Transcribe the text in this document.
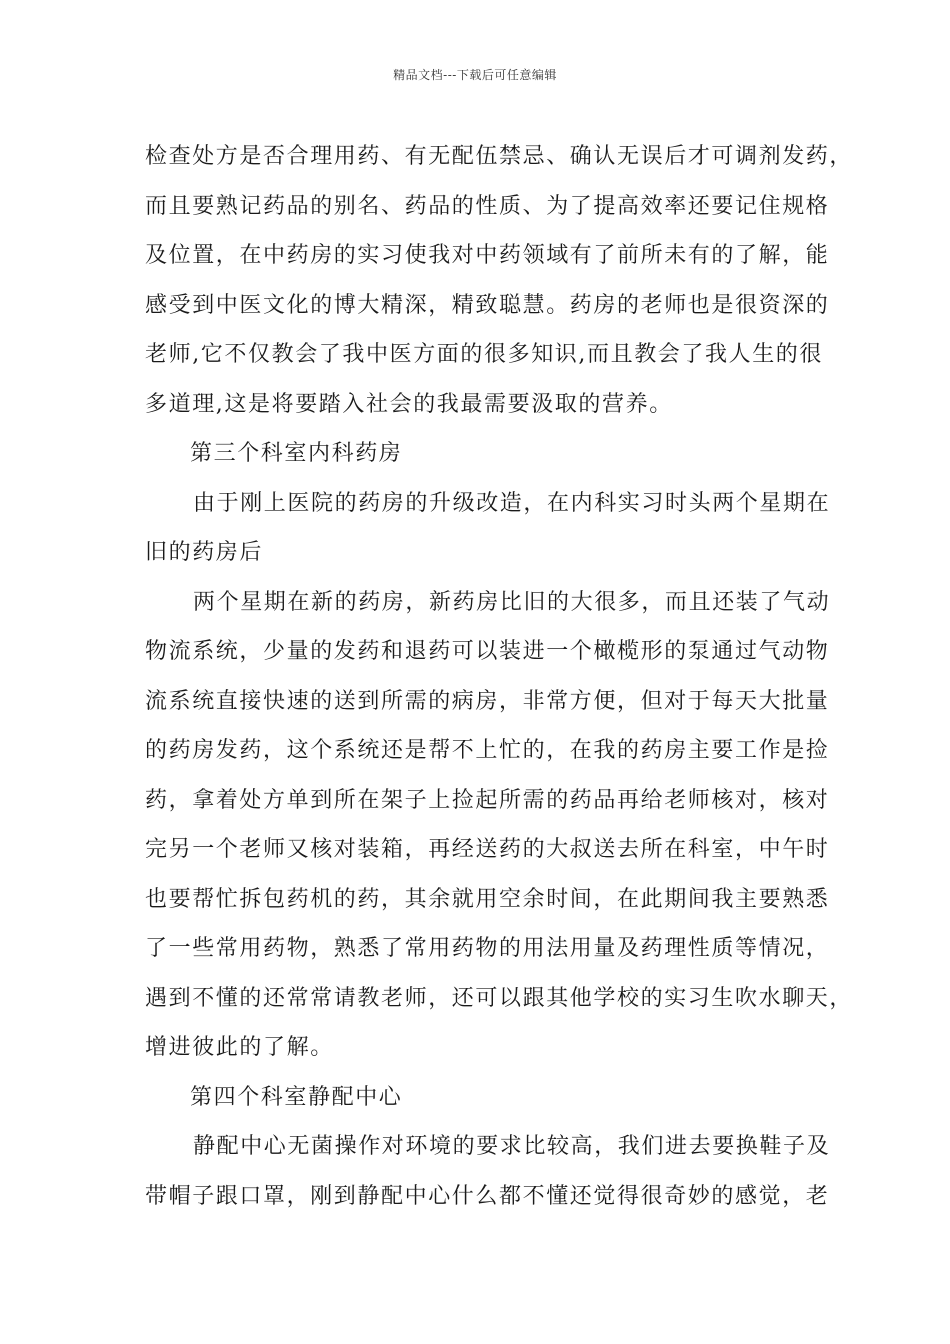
精品文档---下载后可任意编辑
检查处方是否合理用药、有无配伍禁忌、确认无误后才可调剂发药，
而且要熟记药品的别名、药品的性质、为了提高效率还要记住规格
及位置，在中药房的实习使我对中药领域有了前所未有的了解，能
感受到中医文化的博大精深，精致聪慧。药房的老师也是很资深的
老师,它不仅教会了我中医方面的很多知识,而且教会了我人生的很
多道理,这是将要踏入社会的我最需要汲取的营养。
第三个科室内科药房
由于刚上医院的药房的升级改造，在内科实习时头两个星期在
旧的药房后
两个星期在新的药房，新药房比旧的大很多，而且还装了气动
物流系统，少量的发药和退药可以装进一个橄榄形的泵通过气动物
流系统直接快速的送到所需的病房，非常方便，但对于每天大批量
的药房发药，这个系统还是帮不上忙的，在我的药房主要工作是捡
药，拿着处方单到所在架子上捡起所需的药品再给老师核对，核对
完另一个老师又核对装箱，再经送药的大叔送去所在科室，中午时
也要帮忙拆包药机的药，其余就用空余时间，在此期间我主要熟悉
了一些常用药物，熟悉了常用药物的用法用量及药理性质等情况，
遇到不懂的还常常请教老师，还可以跟其他学校的实习生吹水聊天，
增进彼此的了解。
第四个科室静配中心
静配中心无菌操作对环境的要求比较高，我们进去要换鞋子及
带帽子跟口罩，刚到静配中心什么都不懂还觉得很奇妙的感觉，老
